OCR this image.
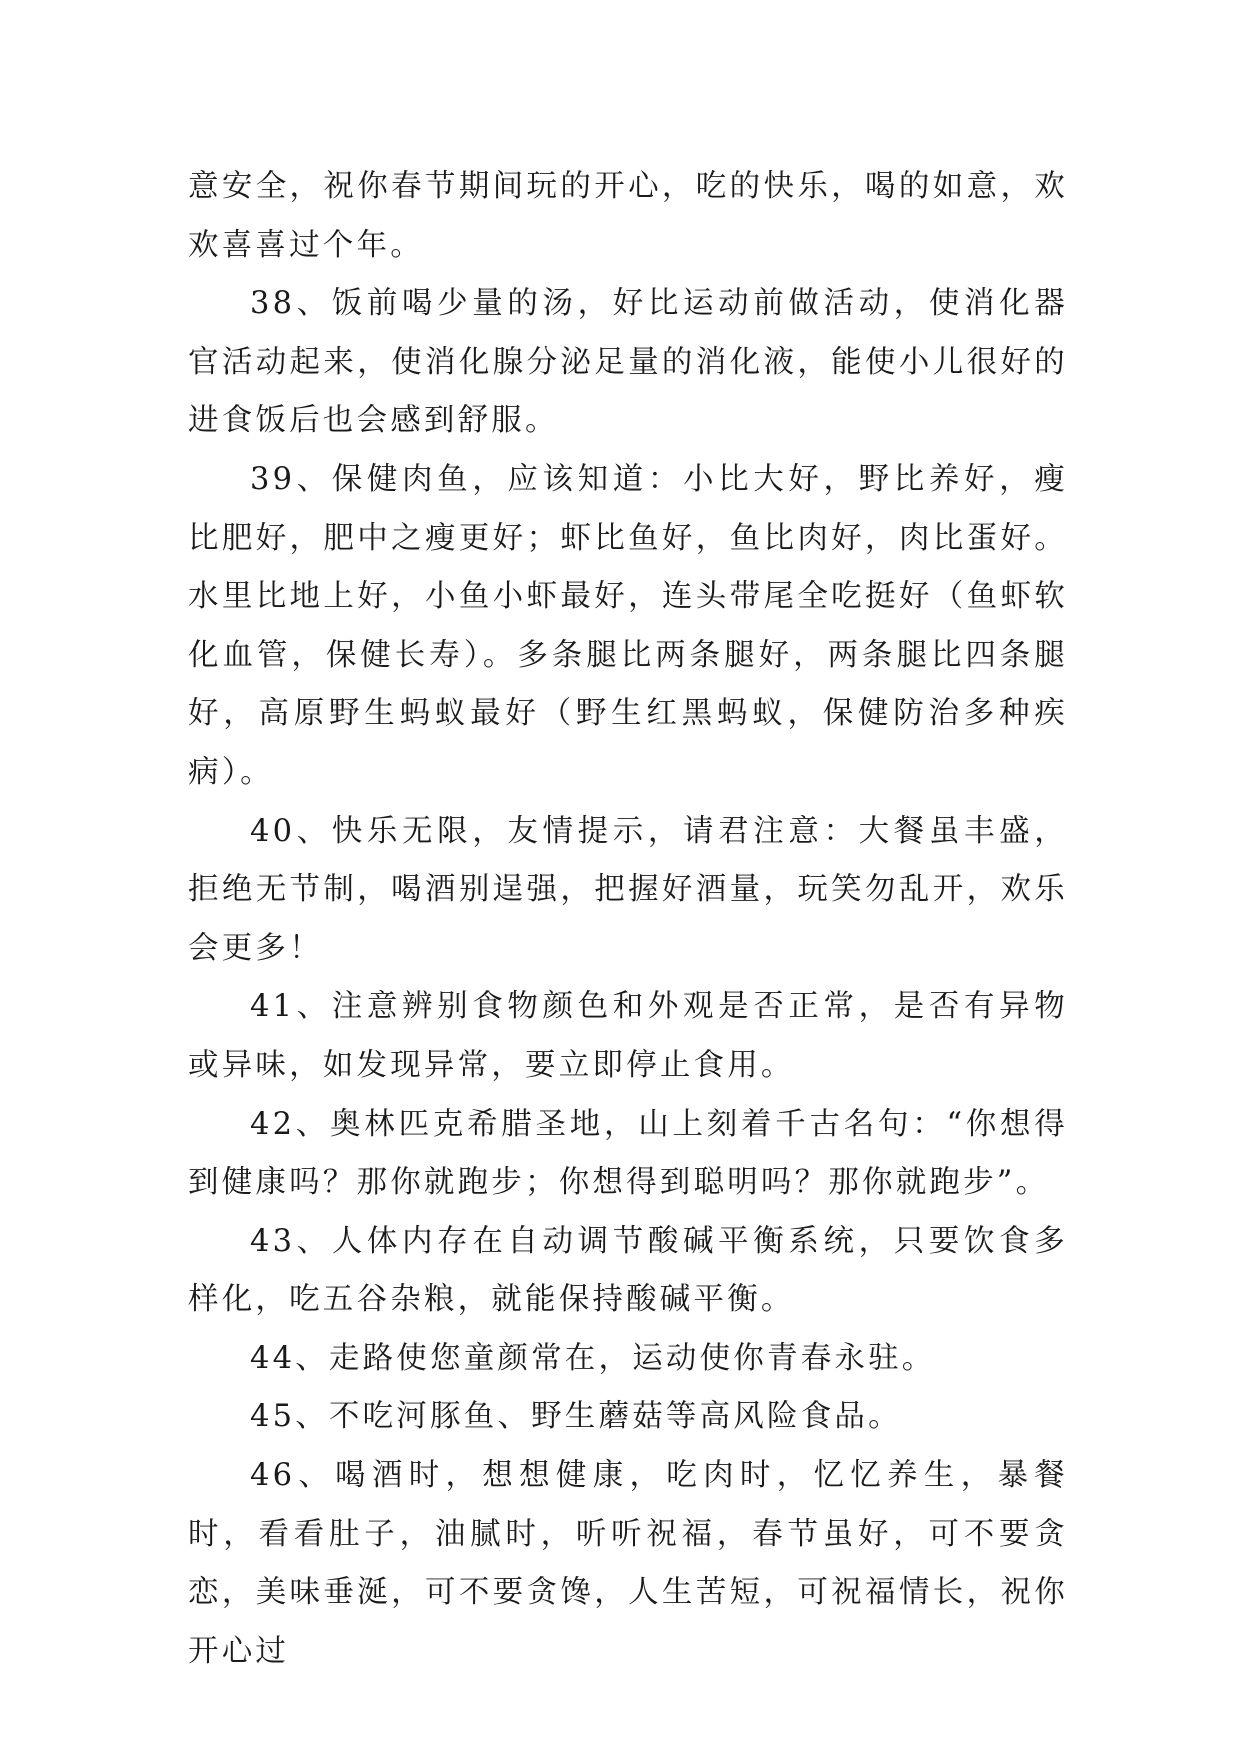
意安全，祝你春节期间玩的开心，吃的快乐，喝的如意，欢欢喜喜过个年。

38、饭前喝少量的汤，好比运动前做活动，使消化器官活动起来，使消化腺分泌足量的消化液，能使小儿很好的进食饭后也会感到舒服。

39、保健肉鱼，应该知道：小比大好，野比养好，瘦比肥好，肥中之瘦更好；虾比鱼好，鱼比肉好，肉比蛋好。水里比地上好，小鱼小虾最好，连头带尾全吃挺好（鱼虾软化血管，保健长寿）。多条腿比两条腿好，两条腿比四条腿好，高原野生蚂蚁最好（野生红黑蚂蚁，保健防治多种疾病）。

40、快乐无限，友情提示，请君注意：大餐虽丰盛，拒绝无节制，喝酒别逞强，把握好酒量，玩笑勿乱开，欢乐会更多！

41、注意辨别食物颜色和外观是否正常，是否有异物或异味，如发现异常，要立即停止食用。

42、奥林匹克希腊圣地，山上刻着千古名句：“你想得到健康吗？那你就跑步；你想得到聪明吗？那你就跑步”。

43、人体内存在自动调节酸碱平衡系统，只要饮食多样化，吃五谷杂粮，就能保持酸碱平衡。

44、走路使您童颜常在，运动使你青春永驻。

45、不吃河豚鱼、野生蘑菇等高风险食品。

46、喝酒时，想想健康，吃肉时，忆忆养生，暴餐时，看看肚子，油腻时，听听祝福，春节虽好，可不要贪恋，美味垂涎，可不要贪馋，人生苦短，可祝福情长，祝你开心过
